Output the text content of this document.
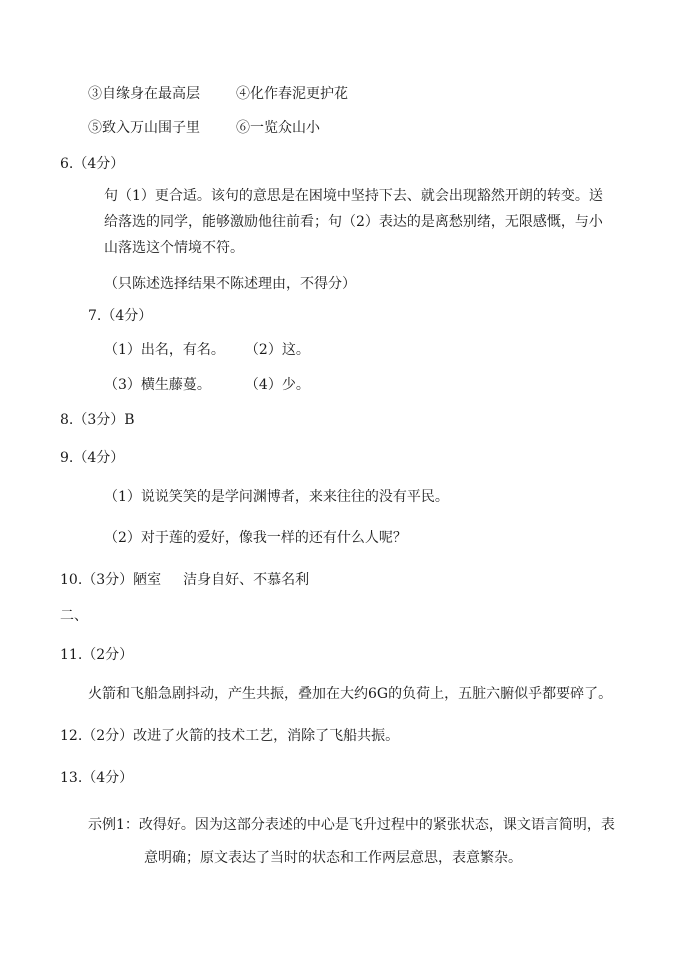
③自缘身在最高层	④化作春泥更护花
⑤致入万山围子里	⑥一览众山小
6.（4分）
句（1）更合适。该句的意思是在困境中坚持下去、就会出现豁然开朗的转变。送
给落选的同学，能够激励他往前看；句（2）表达的是离愁别绪，无限感慨，与小
山落选这个情境不符。
（只陈述选择结果不陈述理由，不得分）
7.（4分）
（1）出名，有名。 （2）这。
（3）横生藤蔓。 （4）少。
8.（3分）B
9.（4分）
（1）说说笑笑的是学问渊博者，来来往往的没有平民。
（2）对于莲的爱好，像我一样的还有什么人呢？
10.（3分）陋室 洁身自好、不慕名利
二、
11.（2分）
火箭和飞船急剧抖动，产生共振，叠加在大约6G的负荷上，五脏六腑似乎都要碎了。
12.（2分）改进了火箭的技术工艺，消除了飞船共振。
13.（4分）
示例1：改得好。因为这部分表述的中心是飞升过程中的紧张状态，课文语言简明，表
意明确；原文表达了当时的状态和工作两层意思，表意繁杂。
